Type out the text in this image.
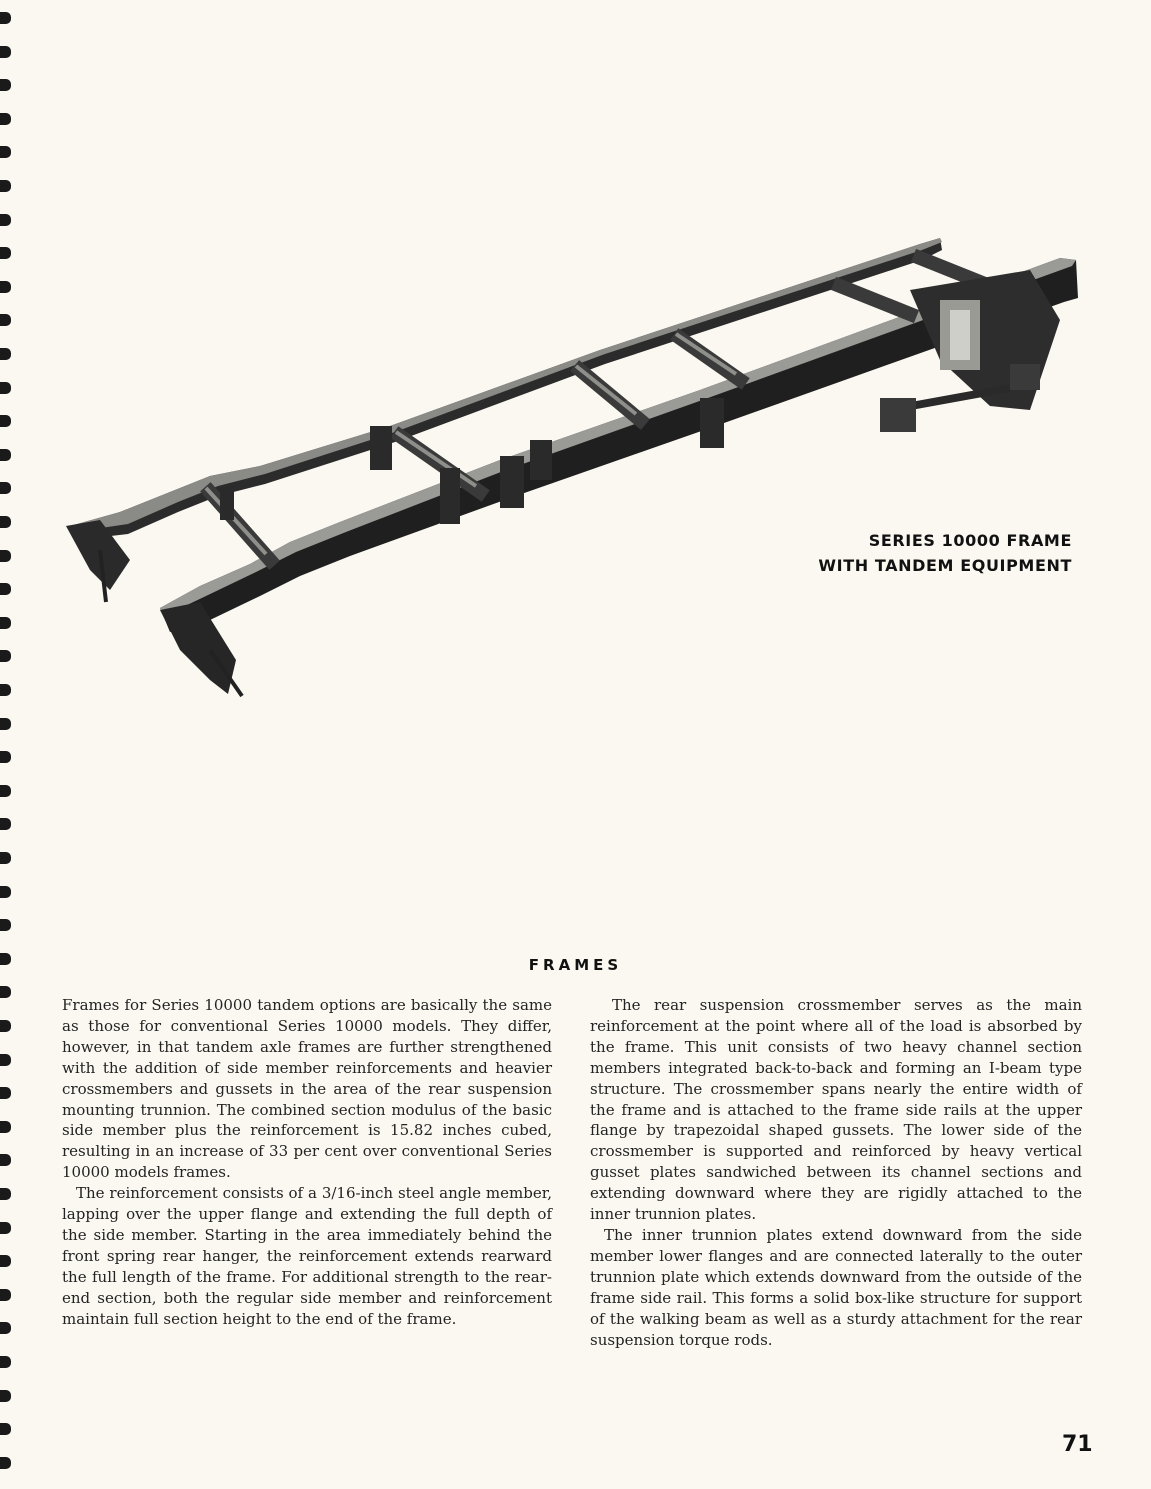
SERIES 10000 FRAME
WITH TANDEM EQUIPMENT
FRAMES

Frames for Series 10000 tandem options are basically the same as those for conventional Series 10000 models. They differ, however, in that tandem axle frames are further strengthened with the addition of side member reinforcements and heavier crossmembers and gussets in the area of the rear suspension mounting trunnion. The combined section modulus of the basic side member plus the reinforcement is 15.82 inches cubed, resulting in an increase of 33 per cent over conventional Series 10000 models frames.

The reinforcement consists of a 3/16-inch steel angle member, lapping over the upper flange and extending the full depth of the side member. Starting in the area immediately behind the front spring rear hanger, the reinforcement extends rearward the full length of the frame. For additional strength to the rear-end section, both the regular side member and reinforcement maintain full section height to the end of the frame.

The rear suspension crossmember serves as the main reinforcement at the point where all of the load is absorbed by the frame. This unit consists of two heavy channel section members integrated back-to-back and forming an I-beam type structure. The crossmember spans nearly the entire width of the frame and is attached to the frame side rails at the upper flange by trapezoidal shaped gussets. The lower side of the crossmember is supported and reinforced by heavy vertical gusset plates sandwiched between its channel sections and extending downward where they are rigidly attached to the inner trunnion plates.

The inner trunnion plates extend downward from the side member lower flanges and are connected laterally to the outer trunnion plate which extends downward from the outside of the frame side rail. This forms a solid box-like structure for support of the walking beam as well as a sturdy attachment for the rear suspension torque rods.

71
